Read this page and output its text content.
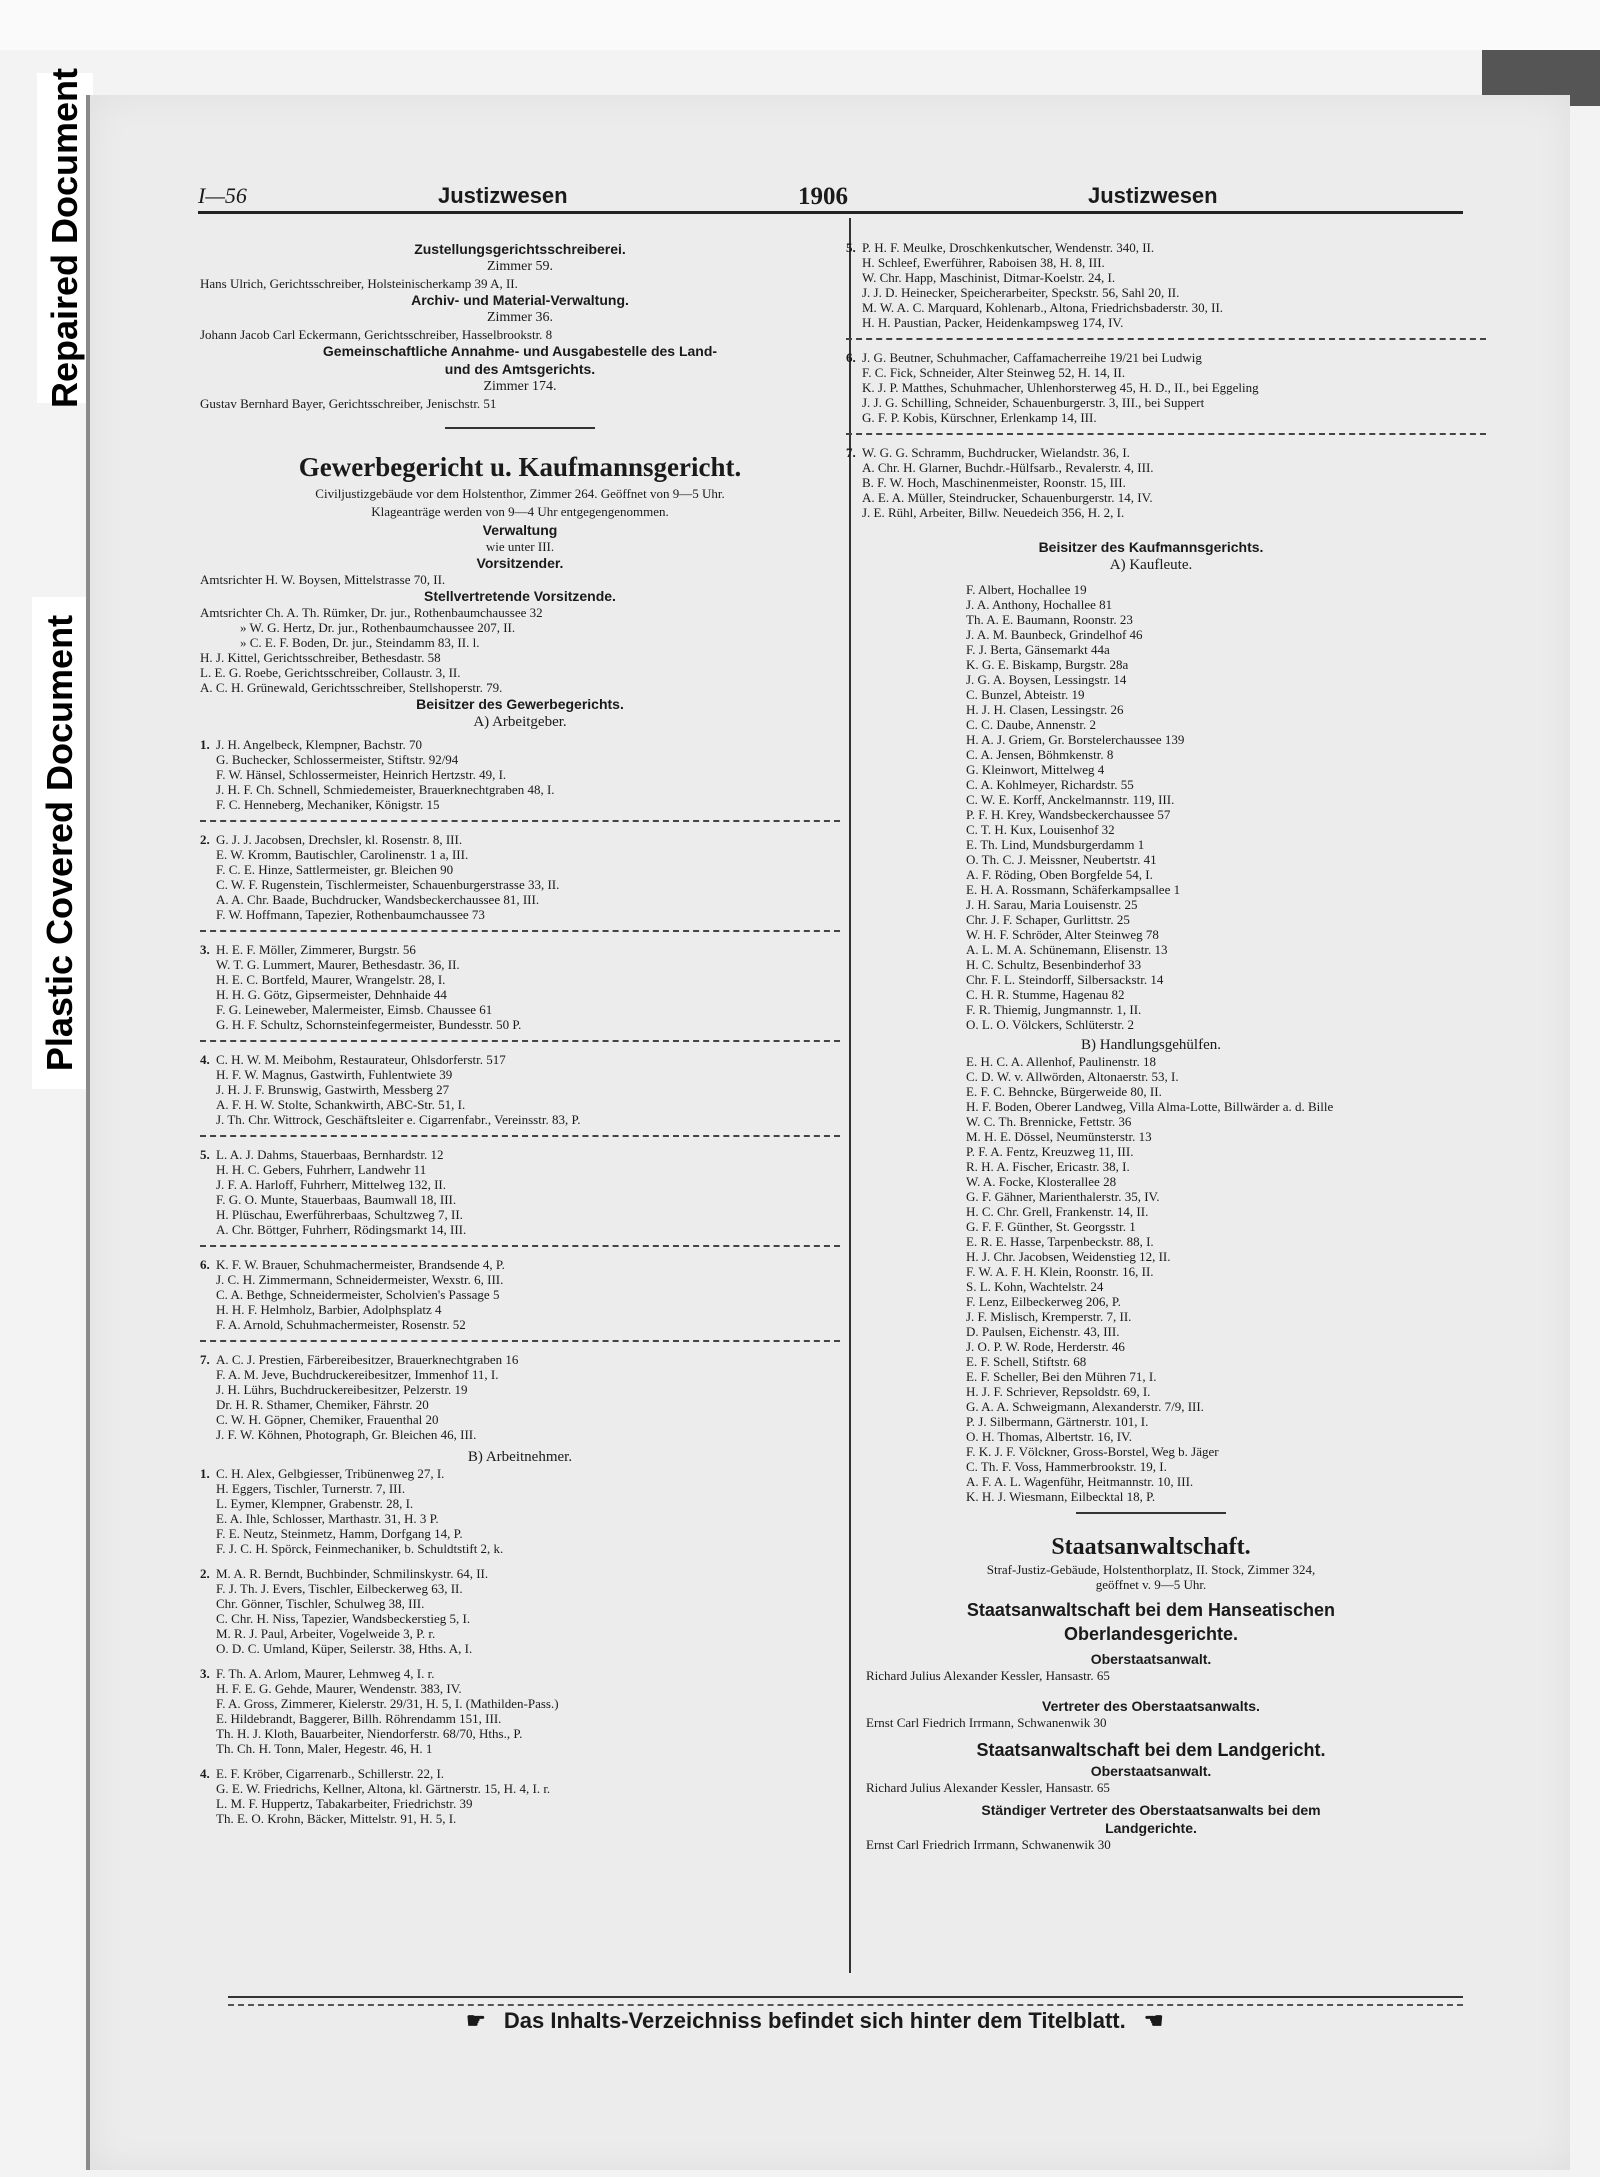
Repaired Document
Plastic Covered Document
I—56	Justizwesen	1906	Justizwesen
Zustellungsgerichtsschreiberei.
Zimmer 59.
Hans Ulrich, Gerichtsschreiber, Holsteinischerkamp 39 A, II.
Archiv- und Material-Verwaltung.
Zimmer 36.
Johann Jacob Carl Eckermann, Gerichtsschreiber, Hasselbrookstr. 8
Gemeinschaftliche Annahme- und Ausgabestelle des Land-
und des Amtsgerichts.
Zimmer 174.
Gustav Bernhard Bayer, Gerichtsschreiber, Jenischstr. 51
Gewerbegericht u. Kaufmannsgericht.
Civiljustizgebäude vor dem Holstenthor, Zimmer 264. Geöffnet von 9—5 Uhr.
Klageanträge werden von 9—4 Uhr entgegengenommen.
Verwaltung
wie unter III.
Vorsitzender.
Amtsrichter H. W. Boysen, Mittelstrasse 70, II.
Stellvertretende Vorsitzende.
Amtsrichter Ch. A. Th. Rümker, Dr. jur., Rothenbaumchaussee 32
» W. G. Hertz, Dr. jur., Rothenbaumchaussee 207, II.
» C. E. F. Boden, Dr. jur., Steindamm 83, II. l.
H. J. Kittel, Gerichtsschreiber, Bethesdastr. 58
L. E. G. Roebe, Gerichtsschreiber, Collaustr. 3, II.
A. C. H. Grünewald, Gerichtsschreiber, Stellshoperstr. 79.
Beisitzer des Gewerbegerichts.
A) Arbeitgeber.
1. J. H. Angelbeck, Klempner, Bachstr. 70
G. Buchecker, Schlossermeister, Stiftstr. 92/94
F. W. Hänsel, Schlossermeister, Heinrich Hertzstr. 49, I.
J. H. F. Ch. Schnell, Schmiedemeister, Brauerknechtgraben 48, I.
F. C. Henneberg, Mechaniker, Königstr. 15
2. G. J. J. Jacobsen, Drechsler, kl. Rosenstr. 8, III.
E. W. Kromm, Bautischler, Carolinenstr. 1 a, III.
F. C. E. Hinze, Sattlermeister, gr. Bleichen 90
C. W. F. Rugenstein, Tischlermeister, Schauenburgerstrasse 33, II.
A. A. Chr. Baade, Buchdrucker, Wandsbeckerchaussee 81, III.
F. W. Hoffmann, Tapezier, Rothenbaumchaussee 73
3. H. E. F. Möller, Zimmerer, Burgstr. 56
W. T. G. Lummert, Maurer, Bethesdastr. 36, II.
H. E. C. Bortfeld, Maurer, Wrangelstr. 28, I.
H. H. G. Götz, Gipsermeister, Dehnhaide 44
F. G. Leineweber, Malermeister, Eimsb. Chaussee 61
G. H. F. Schultz, Schornsteinfegermeister, Bundesstr. 50 P.
4. C. H. W. M. Meibohm, Restaurateur, Ohlsdorferstr. 517
H. F. W. Magnus, Gastwirth, Fuhlentwiete 39
J. H. J. F. Brunswig, Gastwirth, Messberg 27
A. F. H. W. Stolte, Schankwirth, ABC-Str. 51, I.
J. Th. Chr. Wittrock, Geschäftsleiter e. Cigarrenfabr., Vereinsstr. 83, P.
5. L. A. J. Dahms, Stauerbaas, Bernhardstr. 12
H. H. C. Gebers, Fuhrherr, Landwehr 11
J. F. A. Harloff, Fuhrherr, Mittelweg 132, II.
F. G. O. Munte, Stauerbaas, Baumwall 18, III.
H. Plüschau, Ewerführerbaas, Schultzweg 7, II.
A. Chr. Böttger, Fuhrherr, Rödingsmarkt 14, III.
6. K. F. W. Brauer, Schuhmachermeister, Brandsende 4, P.
J. C. H. Zimmermann, Schneidermeister, Wexstr. 6, III.
C. A. Bethge, Schneidermeister, Scholvien's Passage 5
H. H. F. Helmholz, Barbier, Adolphsplatz 4
F. A. Arnold, Schuhmachermeister, Rosenstr. 52
7. A. C. J. Prestien, Färbereibesitzer, Brauerknechtgraben 16
F. A. M. Jeve, Buchdruckereibesitzer, Immenhof 11, I.
J. H. Lührs, Buchdruckereibesitzer, Pelzerstr. 19
Dr. H. R. Sthamer, Chemiker, Fährstr. 20
C. W. H. Göpner, Chemiker, Frauenthal 20
J. F. W. Köhnen, Photograph, Gr. Bleichen 46, III.
B) Arbeitnehmer.
1. C. H. Alex, Gelbgiesser, Tribünenweg 27, I.
H. Eggers, Tischler, Turnerstr. 7, III.
L. Eymer, Klempner, Grabenstr. 28, I.
E. A. Ihle, Schlosser, Marthastr. 31, H. 3 P.
F. E. Neutz, Steinmetz, Hamm, Dorfgang 14, P.
F. J. C. H. Spörck, Feinmechaniker, b. Schuldtstift 2, k.
2. M. A. R. Berndt, Buchbinder, Schmilinskystr. 64, II.
F. J. Th. J. Evers, Tischler, Eilbeckerweg 63, II.
Chr. Gönner, Tischler, Schulweg 38, III.
C. Chr. H. Niss, Tapezier, Wandsbeckerstieg 5, I.
M. R. J. Paul, Arbeiter, Vogelweide 3, P. r.
O. D. C. Umland, Küper, Seilerstr. 38, Hths. A, I.
3. F. Th. A. Arlom, Maurer, Lehmweg 4, I. r.
H. F. E. G. Gehde, Maurer, Wendenstr. 383, IV.
F. A. Gross, Zimmerer, Kielerstr. 29/31, H. 5, I. (Mathilden-Pass.)
E. Hildebrandt, Baggerer, Billh. Röhrendamm 151, III.
Th. H. J. Kloth, Bauarbeiter, Niendorferstr. 68/70, Hths., P.
Th. Ch. H. Tonn, Maler, Hegestr. 46, H. 1
4. E. F. Kröber, Cigarrenarb., Schillerstr. 22, I.
G. E. W. Friedrichs, Kellner, Altona, kl. Gärtnerstr. 15, H. 4, I. r.
L. M. F. Huppertz, Tabakarbeiter, Friedrichstr. 39
Th. E. O. Krohn, Bäcker, Mittelstr. 91, H. 5, I.
5. P. H. F. Meulke, Droschkenkutscher, Wendenstr. 340, II.
H. Schleef, Ewerführer, Raboisen 38, H. 8, III.
W. Chr. Happ, Maschinist, Ditmar-Koelstr. 24, I.
J. J. D. Heinecker, Speicherarbeiter, Speckstr. 56, Sahl 20, II.
M. W. A. C. Marquard, Kohlenarb., Altona, Friedrichsbaderstr. 30, II.
H. H. Paustian, Packer, Heidenkampsweg 174, IV.
6. J. G. Beutner, Schuhmacher, Caffamacherreihe 19/21 bei Ludwig
F. C. Fick, Schneider, Alter Steinweg 52, H. 14, II.
K. J. P. Matthes, Schuhmacher, Uhlenhorsterweg 45, H. D., II., bei Eggeling
J. J. G. Schilling, Schneider, Schauenburgerstr. 3, III., bei Suppert
G. F. P. Kobis, Kürschner, Erlenkamp 14, III.
7. W. G. G. Schramm, Buchdrucker, Wielandstr. 36, I.
A. Chr. H. Glarner, Buchdr.-Hülfsarb., Revalerstr. 4, III.
B. F. W. Hoch, Maschinenmeister, Roonstr. 15, III.
A. E. A. Müller, Steindrucker, Schauenburgerstr. 14, IV.
J. E. Rühl, Arbeiter, Billw. Neuedeich 356, H. 2, I.
Beisitzer des Kaufmannsgerichts.
A) Kaufleute.
F. Albert, Hochallee 19
J. A. Anthony, Hochallee 81
Th. A. E. Baumann, Roonstr. 23
J. A. M. Baunbeck, Grindelhof 46
F. J. Berta, Gänsemarkt 44a
K. G. E. Biskamp, Burgstr. 28a
J. G. A. Boysen, Lessingstr. 14
C. Bunzel, Abteistr. 19
H. J. H. Clasen, Lessingstr. 26
C. C. Daube, Annenstr. 2
H. A. J. Griem, Gr. Borstelerchaussee 139
C. A. Jensen, Böhmkenstr. 8
G. Kleinwort, Mittelweg 4
C. A. Kohlmeyer, Richardstr. 55
C. W. E. Korff, Anckelmannstr. 119, III.
P. F. H. Krey, Wandsbeckerchaussee 57
C. T. H. Kux, Louisenhof 32
E. Th. Lind, Mundsburgerdamm 1
O. Th. C. J. Meissner, Neubertstr. 41
A. F. Röding, Oben Borgfelde 54, I.
E. H. A. Rossmann, Schäferkampsallee 1
J. H. Sarau, Maria Louisenstr. 25
Chr. J. F. Schaper, Gurlittstr. 25
W. H. F. Schröder, Alter Steinweg 78
A. L. M. A. Schünemann, Elisenstr. 13
H. C. Schultz, Besenbinderhof 33
Chr. F. L. Steindorff, Silbersackstr. 14
C. H. R. Stumme, Hagenau 82
F. R. Thiemig, Jungmannstr. 1, II.
O. L. O. Völckers, Schlüterstr. 2
B) Handlungsgehülfen.
E. H. C. A. Allenhof, Paulinenstr. 18
C. D. W. v. Allwörden, Altonaerstr. 53, I.
E. F. C. Behncke, Bürgerweide 80, II.
H. F. Boden, Oberer Landweg, Villa Alma-Lotte, Billwärder a. d. Bille
W. C. Th. Brennicke, Fettstr. 36
M. H. E. Dössel, Neumünsterstr. 13
P. F. A. Fentz, Kreuzweg 11, III.
R. H. A. Fischer, Ericastr. 38, I.
W. A. Focke, Klosterallee 28
G. F. Gähner, Marienthalerstr. 35, IV.
H. C. Chr. Grell, Frankenstr. 14, II.
G. F. F. Günther, St. Georgsstr. 1
E. R. E. Hasse, Tarpenbeckstr. 88, I.
H. J. Chr. Jacobsen, Weidenstieg 12, II.
F. W. A. F. H. Klein, Roonstr. 16, II.
S. L. Kohn, Wachtelstr. 24
F. Lenz, Eilbeckerweg 206, P.
J. F. Mislisch, Kremperstr. 7, II.
D. Paulsen, Eichenstr. 43, III.
J. O. P. W. Rode, Herderstr. 46
E. F. Schell, Stiftstr. 68
E. F. Scheller, Bei den Mühren 71, I.
H. J. F. Schriever, Repsoldstr. 69, I.
G. A. A. Schweigmann, Alexanderstr. 7/9, III.
P. J. Silbermann, Gärtnerstr. 101, I.
O. H. Thomas, Albertstr. 16, IV.
F. K. J. F. Völckner, Gross-Borstel, Weg b. Jäger
C. Th. F. Voss, Hammerbrookstr. 19, I.
A. F. A. L. Wagenführ, Heitmannstr. 10, III.
K. H. J. Wiesmann, Eilbecktal 18, P.
Staatsanwaltschaft.
Straf-Justiz-Gebäude, Holstenthorplatz, II. Stock, Zimmer 324,
geöffnet v. 9—5 Uhr.
Staatsanwaltschaft bei dem Hanseatischen
Oberlandesgerichte.
Oberstaatsanwalt.
Richard Julius Alexander Kessler, Hansastr. 65
Vertreter des Oberstaatsanwalts.
Ernst Carl Fiedrich Irrmann, Schwanenwik 30
Staatsanwaltschaft bei dem Landgericht.
Oberstaatsanwalt.
Richard Julius Alexander Kessler, Hansastr. 65
Ständiger Vertreter des Oberstaatsanwalts bei dem
Landgerichte.
Ernst Carl Friedrich Irrmann, Schwanenwik 30
☛ Das Inhalts-Verzeichniss befindet sich hinter dem Titelblatt. ☚
